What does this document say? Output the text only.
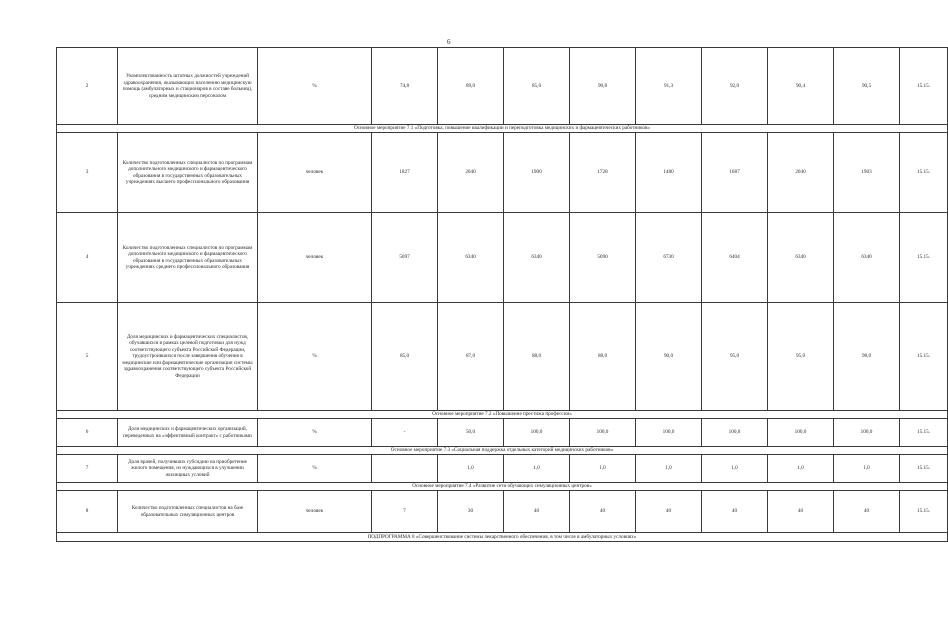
6
2	Укомплектованность штатных должностей учреждений здравоохранения, оказывающих населению медицинскую помощь (амбулаторных и стационаров в составе больниц), средним медицинским персоналом	%	74,8	89,0	85,0	90,8	91,3	92,0	90,4	90,5	15.15.
Основное мероприятие 7.1 «Подготовка, повышение квалификации и переподготовка медицинских и фармацевтических работников»											
3	Количество подготовленных специалистов по программам дополнительного медицинского и фармацевтического образования в государственных образовательных учреждениях высшего профессионального образования	человек	1827	2040	1900	1728	1480	1687	2040	1903	15.15.
4	Количество подготовленных специалистов по программам дополнительного медицинского и фармацевтического образования в государственных образовательных учреждениях среднего профессионального образования	человек	5697	6340	6340	5690	6730	6404	6340	6340	15.15.
5	Доля медицинских и фармацевтических специалистов, обучавшихся в рамках целевой подготовки для нужд соответствующего субъекта Российской Федерации, трудоустроившихся после завершения обучения в медицинские или фармацевтические организации системы здравоохранения соответствующего субъекта Российской Федерации	%	85,0	87,0	88,0	88,0	90,0	95,0	95,0	98,0	15.15.
Основное мероприятие 7.2 «Повышение престижа профессии»											
6	Доля медицинских и фармацевтических организаций, переведенных на «эффективный контракт» с работниками	%	-	50,0	100,0	100,0	100,0	100,0	100,0	100,0	15.15.
Основное мероприятие 7.3 «Социальная поддержка отдельных категорий медицинских работников»											
7	Доля врачей, получивших субсидию на приобретение жилого помещения, из нуждающихся в улучшении жилищных условий	%		1,0	1,0	1,0	1,0	1,0	1,0	1,0	15.15.
Основное мероприятие 7.4 «Развитие сети обучающих симуляционных центров»											
8	Количество подготовленных специалистов на базе образовательных симуляционных центров	человек	7	30	40	40	40	40	40	40	15.15.
ПОДПРОГРАММА 8 «Совершенствование системы лекарственного обеспечения, в том числе в амбулаторных условиях»											
